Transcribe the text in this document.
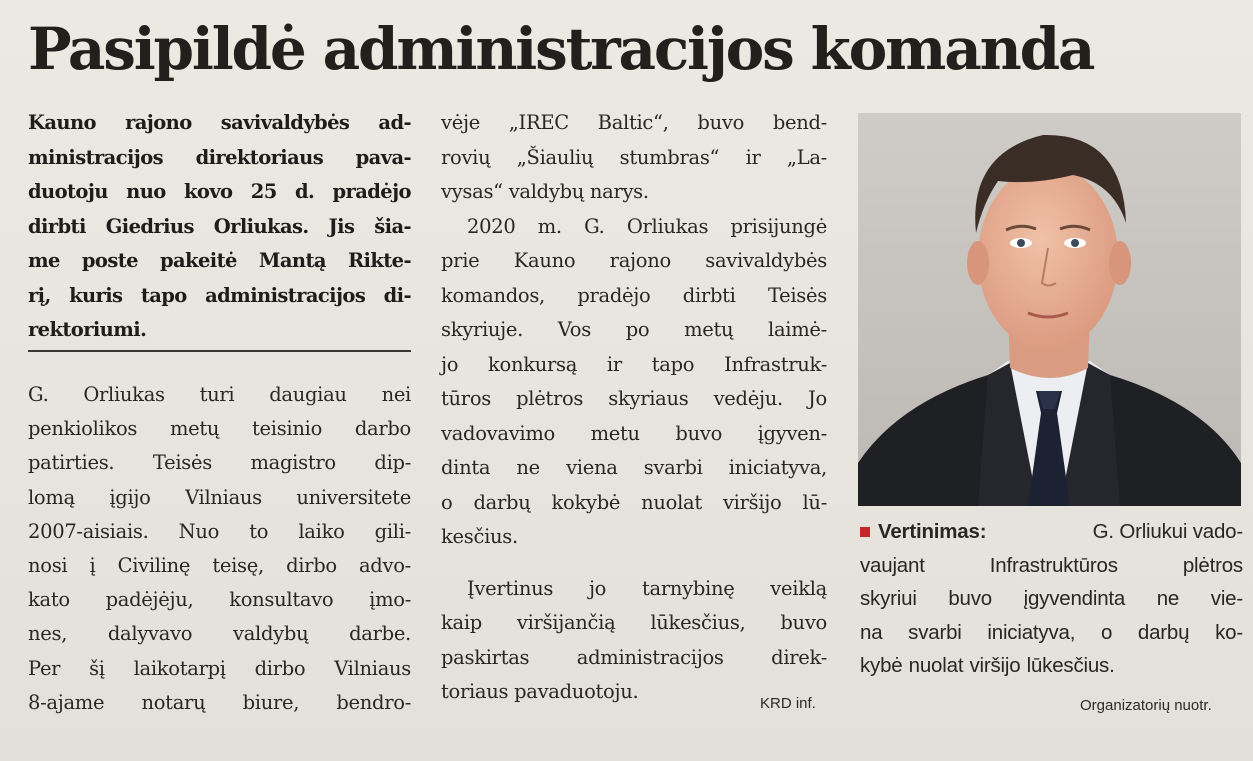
Pasipildė administracijos komanda
Kauno rajono savivaldybės ad-
ministracijos direktoriaus pava-
duotoju nuo kovo 25 d. pradėjo
dirbti Giedrius Orliukas. Jis šia-
me poste pakeitė Mantą Rikte-
rį, kuris tapo administracijos di-
rektoriumi.
G. Orliukas turi daugiau nei
penkiolikos metų teisinio darbo
patirties. Teisės magistro dip-
lomą įgijo Vilniaus universitete
2007-aisiais. Nuo to laiko gili-
nosi į Civilinę teisę, dirbo advo-
kato padėjėju, konsultavo įmo-
nes, dalyvavo valdybų darbe.
Per šį laikotarpį dirbo Vilniaus
8-ajame notarų biure, bendro-
vėje „IREC Baltic“, buvo bend-
rovių „Šiaulių stumbras“ ir „La-
vysas“ valdybų narys.
2020 m. G. Orliukas prisijungė
prie Kauno rajono savivaldybės
komandos, pradėjo dirbti Teisės
skyriuje. Vos po metų laimė-
jo konkursą ir tapo Infrastruk-
tūros plėtros skyriaus vedėju. Jo
vadovavimo metu buvo įgyven-
dinta ne viena svarbi iniciatyva,
o darbų kokybė nuolat viršijo lū-
kesčius.
Įvertinus jo tarnybinę veiklą
kaip viršijančią lūkesčius, buvo
paskirtas administracijos direk-
toriaus pavaduotoju.
KRD inf.
Vertinimas:	G. Orliukui vado-
vaujant	Infrastruktūros	plėtros
skyriui buvo įgyvendinta ne vie-
na svarbi iniciatyva, o darbų ko-
kybė nuolat viršijo lūkesčius.
Organizatorių nuotr.
